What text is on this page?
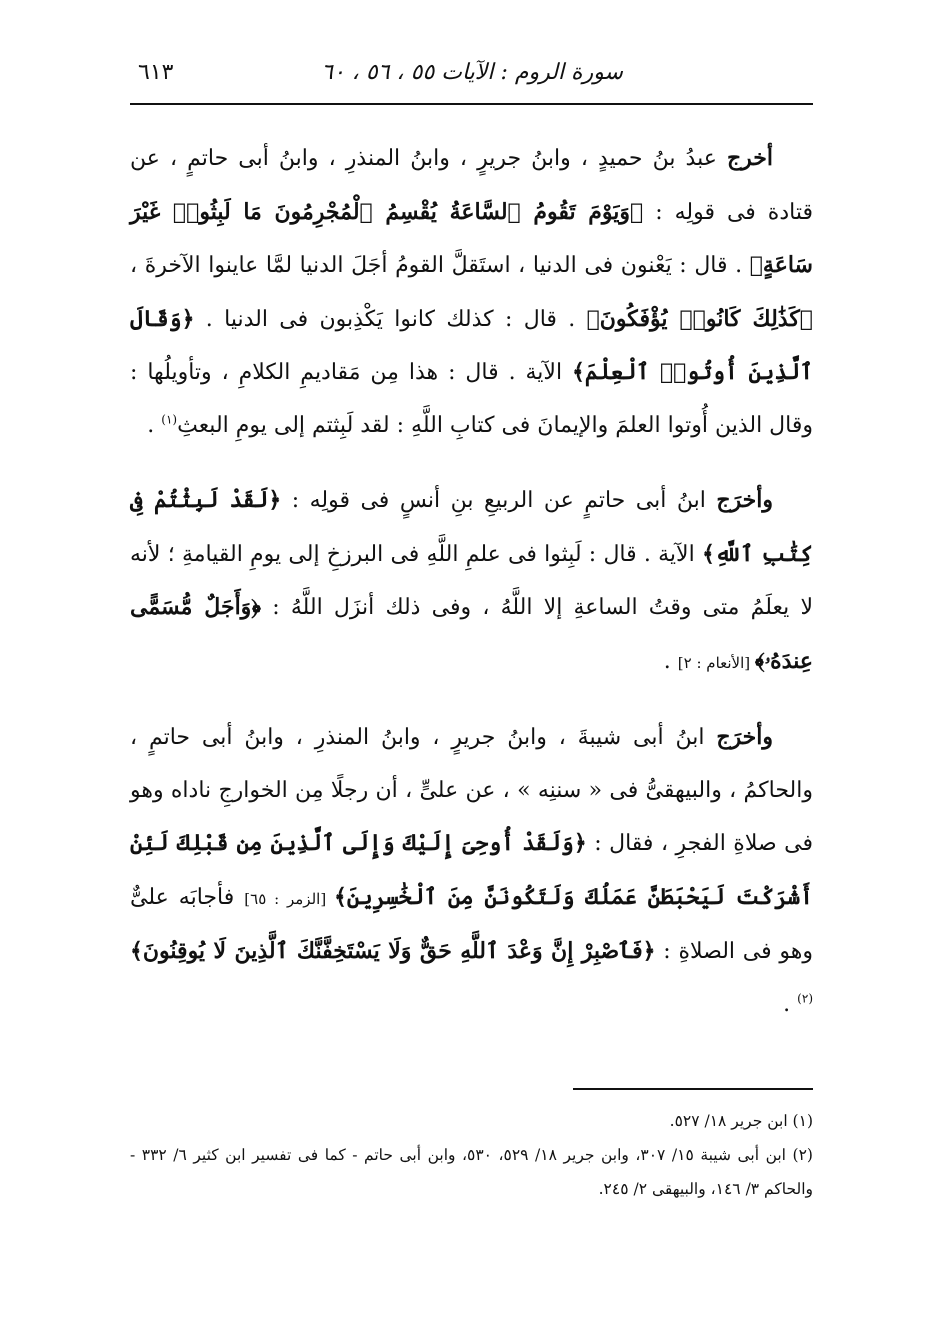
سورة الروم : الآيات ٥٥ ، ٥٦ ، ٦٠
٦١٣

أخرج عبدُ بنُ حميدٍ ، وابنُ جريرٍ ، وابنُ المنذرِ ، وابنُ أبى حاتمٍ ، عن قتادة فى قولِه : ﴿وَيَوْمَ تَقُومُ ٱلسَّاعَةُ يُقْسِمُ ٱلْمُجْرِمُونَ مَا لَبِثُوا۟ غَيْرَ سَاعَةٍ﴾ . قال : يَعْنون فى الدنيا ، استَقلَّ القومُ أجَلَ الدنيا لمَّا عاينوا الآخرةَ ، ﴿كَذَٰلِكَ كَانُوا۟ يُؤْفَكُونَ﴾ . قال : كذلك كانوا يَكْذِبون فى الدنيا . ﴿وَقَالَ ٱلَّذِينَ أُوتُوا۟ ٱلْعِلْمَ﴾ الآية . قال : هذا مِن مَقاديمِ الكلامِ ، وتأويلُها : وقال الذين أُوتوا العلمَ والإيمانَ فى كتابِ اللَّهِ : لقد لَبِثتم إلى يومِ البعثِ$^{(١)}$ .

وأخرَج ابنُ أبى حاتمٍ عن الربيعِ بنِ أنسٍ فى قولِه : ﴿لَقَدْ لَبِثْتُمْ فِى كِتَٰبِ ٱللَّهِ﴾ الآية . قال : لَبِثوا فى علمِ اللَّهِ فى البرزخِ إلى يومِ القيامةِ ؛ لأنه لا يعلَمُ متى وقتُ الساعةِ إلا اللَّهُ ، وفى ذلك أنزَل اللَّهُ : ﴿وَأَجَلٌ مُّسَمًّى عِندَهُۥ﴾ [الأنعام : ٢] .

وأخرَج ابنُ أبى شيبةَ ، وابنُ جريرٍ ، وابنُ المنذرِ ، وابنُ أبى حاتمٍ ، والحاكمُ ، والبيهقىُّ فى « سننِه » ، عن علىٍّ ، أن رجلًا مِن الخوارجِ ناداه وهو فى صلاةِ الفجرِ ، فقال : ﴿وَلَقَدْ أُوحِىَ إِلَيْكَ وَإِلَى ٱلَّذِينَ مِن قَبْلِكَ لَئِنْ أَشْرَكْتَ لَيَحْبَطَنَّ عَمَلُكَ وَلَتَكُونَنَّ مِنَ ٱلْخَٰسِرِينَ﴾ [الزمر : ٦٥] فأجابَه علىٌّ وهو فى الصلاةِ : ﴿فَٱصْبِرْ إِنَّ وَعْدَ ٱللَّهِ حَقٌّ وَلَا يَسْتَخِفَّنَّكَ ٱلَّذِينَ لَا يُوقِنُونَ﴾$^{(٢)}$ .

(١) ابن جرير ١٨/ ٥٢٧.

(٢) ابن أبى شيبة ١٥/ ٣٠٧، وابن جرير ١٨/ ٥٢٩، ٥٣٠، وابن أبى حاتم - كما فى تفسير ابن كثير ٦/ ٣٣٢ - والحاكم ٣/ ١٤٦، والبيهقى ٢/ ٢٤٥.
